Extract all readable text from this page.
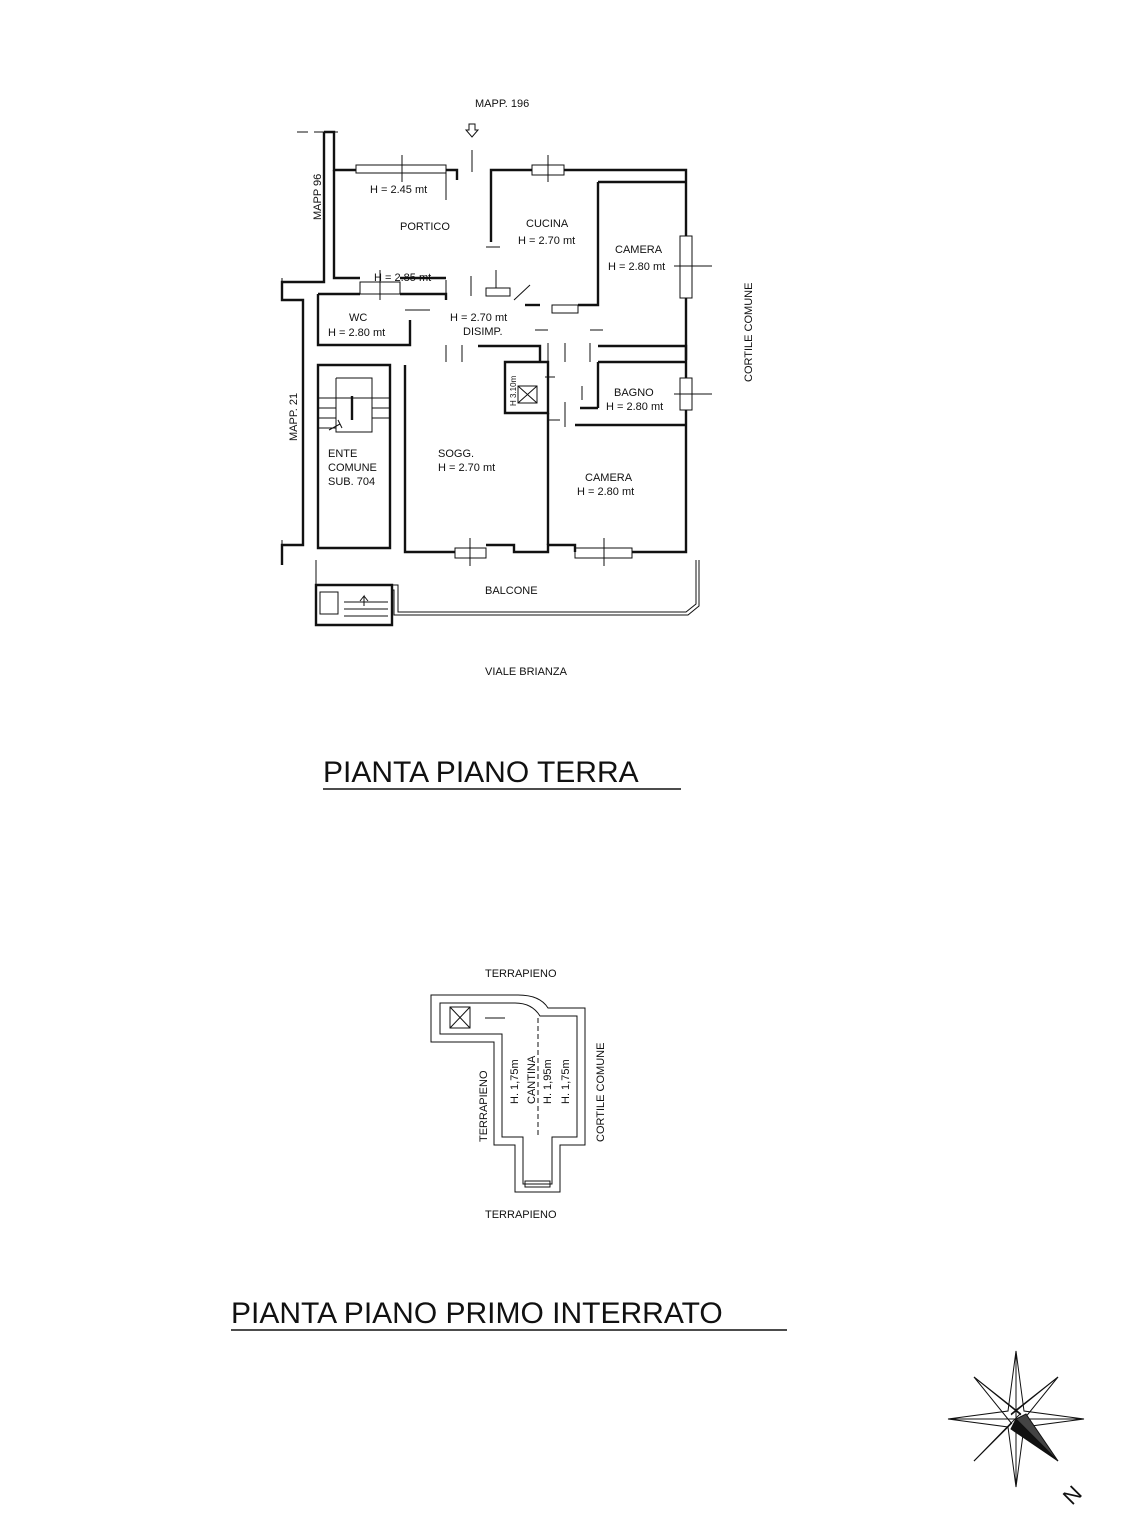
MAPP. 196
MAPP 96
MAPP. 21
CORTILE COMUNE
VIALE BRIANZA
H = 2.45 mt
PORTICO
H = 2.85 mt
CUCINA
H = 2.70 mt
CAMERA
H = 2.80 mt
WC
H = 2.80 mt
H = 2.70 mt
DISIMP.
BAGNO
H = 2.80 mt
H 3.10m
ENTE
COMUNE
SUB. 704
SOGG.
H = 2.70 mt
CAMERA
H = 2.80 mt
BALCONE
PIANTA PIANO TERRA
TERRAPIENO
TERRAPIENO
TERRAPIENO	CORTILE COMUNE
H. 1,75m CANTINA H. 1,95m H. 1,75m
PIANTA PIANO PRIMO INTERRATO
N
